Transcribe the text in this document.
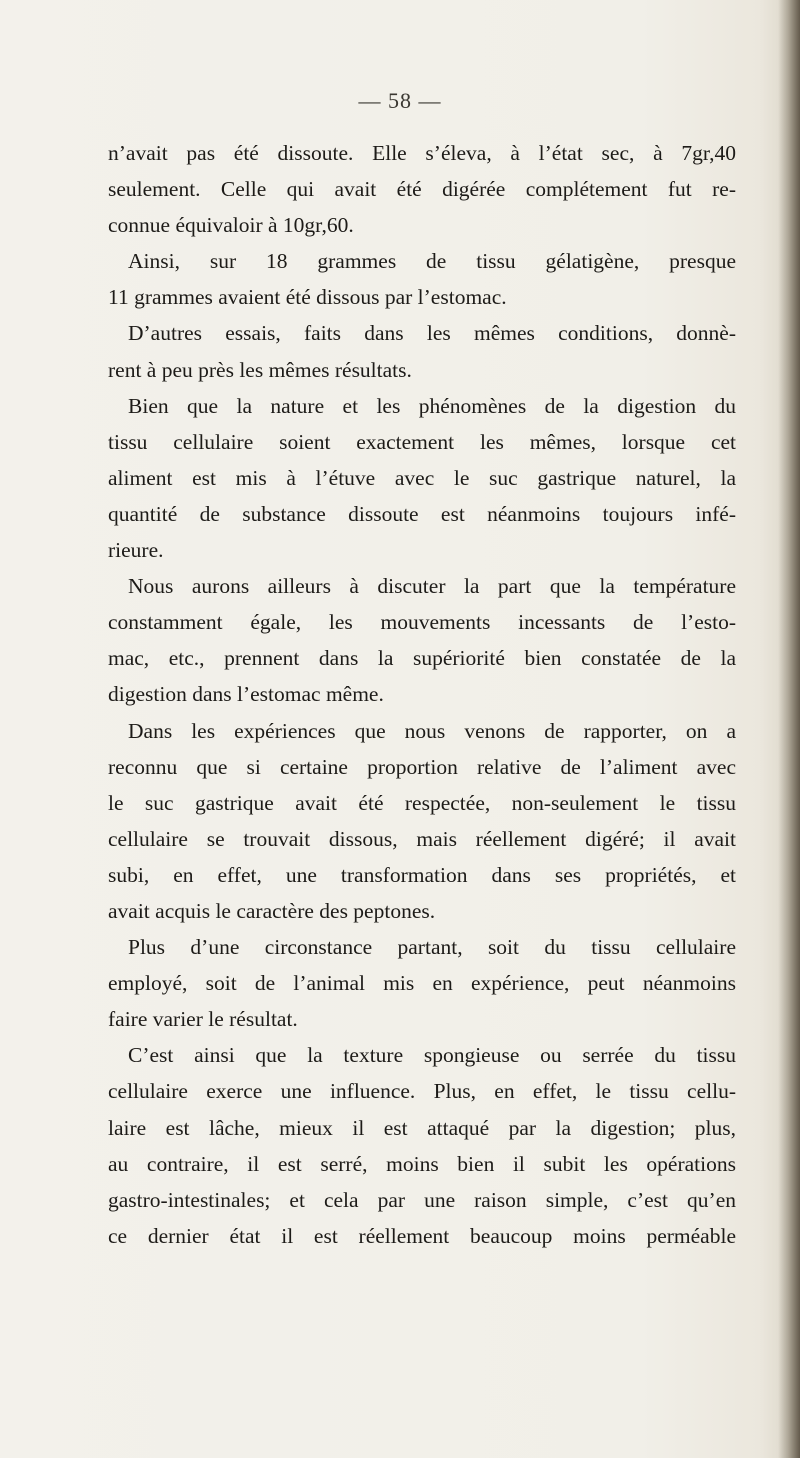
— 58 —
n’avait pas été dissoute. Elle s’éleva, à l’état sec, à 7gr,40
seulement. Celle qui avait été digérée complétement fut re-
connue équivaloir à 10gr,60.
Ainsi, sur 18 grammes de tissu gélatigène, presque
11 grammes avaient été dissous par l’estomac.
D’autres essais, faits dans les mêmes conditions, donnè-
rent à peu près les mêmes résultats.
Bien que la nature et les phénomènes de la digestion du
tissu cellulaire soient exactement les mêmes, lorsque cet
aliment est mis à l’étuve avec le suc gastrique naturel, la
quantité de substance dissoute est néanmoins toujours infé-
rieure.
Nous aurons ailleurs à discuter la part que la température
constamment égale, les mouvements incessants de l’esto-
mac, etc., prennent dans la supériorité bien constatée de la
digestion dans l’estomac même.
Dans les expériences que nous venons de rapporter, on a
reconnu que si certaine proportion relative de l’aliment avec
le suc gastrique avait été respectée, non-seulement le tissu
cellulaire se trouvait dissous, mais réellement digéré; il avait
subi, en effet, une transformation dans ses propriétés, et
avait acquis le caractère des peptones.
Plus d’une circonstance partant, soit du tissu cellulaire
employé, soit de l’animal mis en expérience, peut néanmoins
faire varier le résultat.
C’est ainsi que la texture spongieuse ou serrée du tissu
cellulaire exerce une influence. Plus, en effet, le tissu cellu-
laire est lâche, mieux il est attaqué par la digestion; plus,
au contraire, il est serré, moins bien il subit les opérations
gastro-intestinales; et cela par une raison simple, c’est qu’en
ce dernier état il est réellement beaucoup moins perméable
